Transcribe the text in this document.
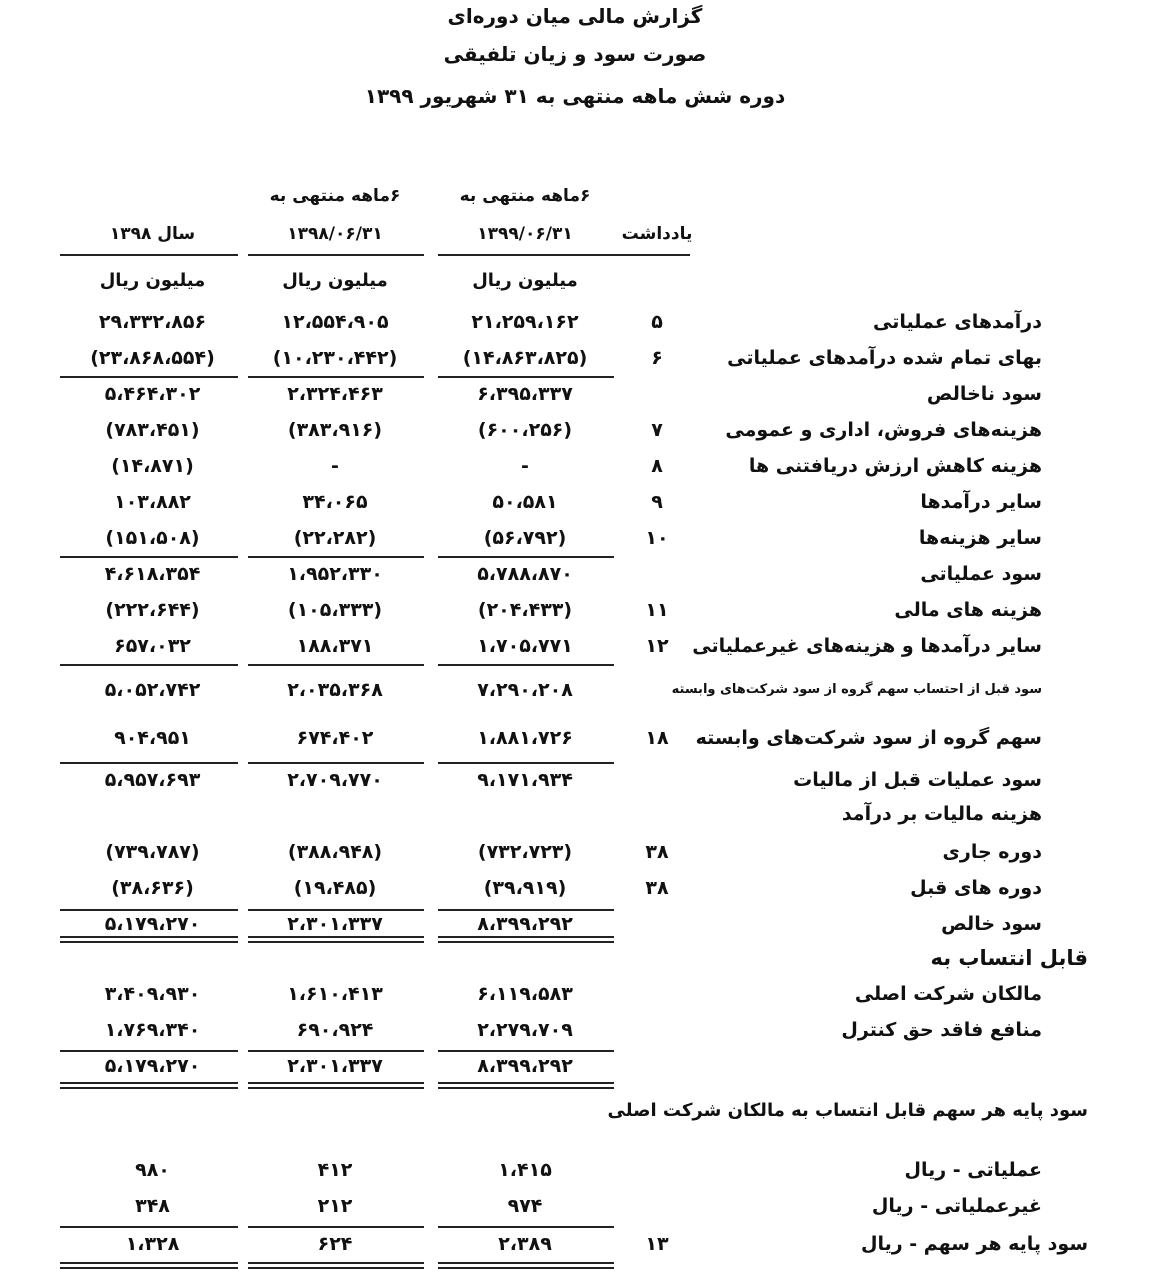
گزارش مالی میان دوره‌ای
صورت سود و زیان تلفیقی
دوره شش ماهه منتهی به ۳۱ شهریور ۱۳۹۹
۶ماهه منتهی به
۱۳۹۹/۰۶/۳۱
۶ماهه منتهی به
۱۳۹۸/۰۶/۳۱
سال ۱۳۹۸	یادداشت
میلیون ریال
میلیون ریال
میلیون ریال
درآمدهای عملیاتی
۵
۲۱،۲۵۹،۱۶۲
۱۲،۵۵۴،۹۰۵
۲۹،۳۳۲،۸۵۶
بهای تمام شده درآمدهای عملیاتی
۶
(۱۴،۸۶۳،۸۲۵)
(۱۰،۲۳۰،۴۴۲)
(۲۳،۸۶۸،۵۵۴)
سود ناخالص
۶،۳۹۵،۳۳۷
۲،۳۲۴،۴۶۳
۵،۴۶۴،۳۰۲
هزینه‌های فروش، اداری و عمومی
۷
(۶۰۰،۲۵۶)
(۳۸۳،۹۱۶)
(۷۸۳،۴۵۱)
هزینه کاهش ارزش دریافتنی ها
۸
-
-
(۱۴،۸۷۱)
سایر درآمدها
۹
۵۰،۵۸۱
۳۴،۰۶۵
۱۰۳،۸۸۲
سایر هزینه‌ها
۱۰
(۵۶،۷۹۲)
(۲۲،۲۸۲)
(۱۵۱،۵۰۸)
سود عملیاتی
۵،۷۸۸،۸۷۰
۱،۹۵۲،۳۳۰
۴،۶۱۸،۳۵۴
هزینه های مالی
۱۱
(۲۰۴،۴۳۳)
(۱۰۵،۳۳۳)
(۲۲۲،۶۴۴)
سایر درآمدها و هزینه‌های غیرعملیاتی
۱۲
۱،۷۰۵،۷۷۱
۱۸۸،۳۷۱
۶۵۷،۰۳۲
سود قبل از احتساب سهم گروه از سود شرکت‌های وابسته
۷،۲۹۰،۲۰۸
۲،۰۳۵،۳۶۸
۵،۰۵۲،۷۴۲
سهم گروه از سود شرکت‌های وابسته
۱۸
۱،۸۸۱،۷۲۶
۶۷۴،۴۰۲
۹۰۴،۹۵۱
سود عملیات قبل از مالیات
۹،۱۷۱،۹۳۴
۲،۷۰۹،۷۷۰
۵،۹۵۷،۶۹۳
هزینه مالیات بر درآمد
دوره جاری
۳۸
(۷۳۲،۷۲۳)
(۳۸۸،۹۴۸)
(۷۳۹،۷۸۷)
دوره های قبل
۳۸
(۳۹،۹۱۹)
(۱۹،۴۸۵)
(۳۸،۶۳۶)
سود خالص
۸،۳۹۹،۲۹۲
۲،۳۰۱،۳۳۷
۵،۱۷۹،۲۷۰
قابل انتساب به
مالکان شرکت اصلی
۶،۱۱۹،۵۸۳
۱،۶۱۰،۴۱۳
۳،۴۰۹،۹۳۰
منافع فاقد حق کنترل
۲،۲۷۹،۷۰۹
۶۹۰،۹۲۴
۱،۷۶۹،۳۴۰
۸،۳۹۹،۲۹۲
۲،۳۰۱،۳۳۷
۵،۱۷۹،۲۷۰
سود پایه هر سهم قابل انتساب به مالکان شرکت اصلی
عملیاتی - ریال
۱،۴۱۵
۴۱۲
۹۸۰
غیرعملیاتی - ریال
۹۷۴
۲۱۲
۳۴۸
سود پایه هر سهم - ریال
۱۳
۲،۳۸۹
۶۲۴
۱،۳۲۸
